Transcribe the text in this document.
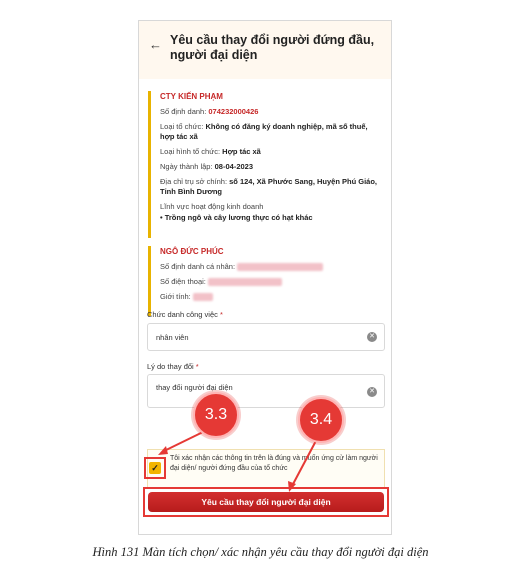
← Yêu cầu thay đổi người đứng đầu, người đại diện
CTY KIẾN PHẠM
Số định danh: 074232000426
Loại tổ chức: Không có đăng ký doanh nghiệp, mã số thuế, hợp tác xã
Loại hình tổ chức: Hợp tác xã
Ngày thành lập: 08-04-2023
Địa chỉ trụ sở chính: số 124, Xã Phước Sang, Huyện Phú Giáo, Tỉnh Bình Dương
Lĩnh vực hoạt động kinh doanh
• Trồng ngô và cây lương thực có hạt khác
NGÔ ĐỨC PHÚC
Số định danh cá nhân:
Số điện thoại:
Giới tính:
Chức danh công việc *
nhân viên	✕
Lý do thay đổi *
thay đổi người đại diện	✕
Tôi xác nhận các thông tin trên là đúng và muốn ứng cử làm người đại diện/ người đứng đầu của tổ chức
✓
Yêu cầu thay đổi người đại diện
3.3	3.4
Hình 131 Màn tích chọn/ xác nhận yêu cầu thay đổi người đại diện
